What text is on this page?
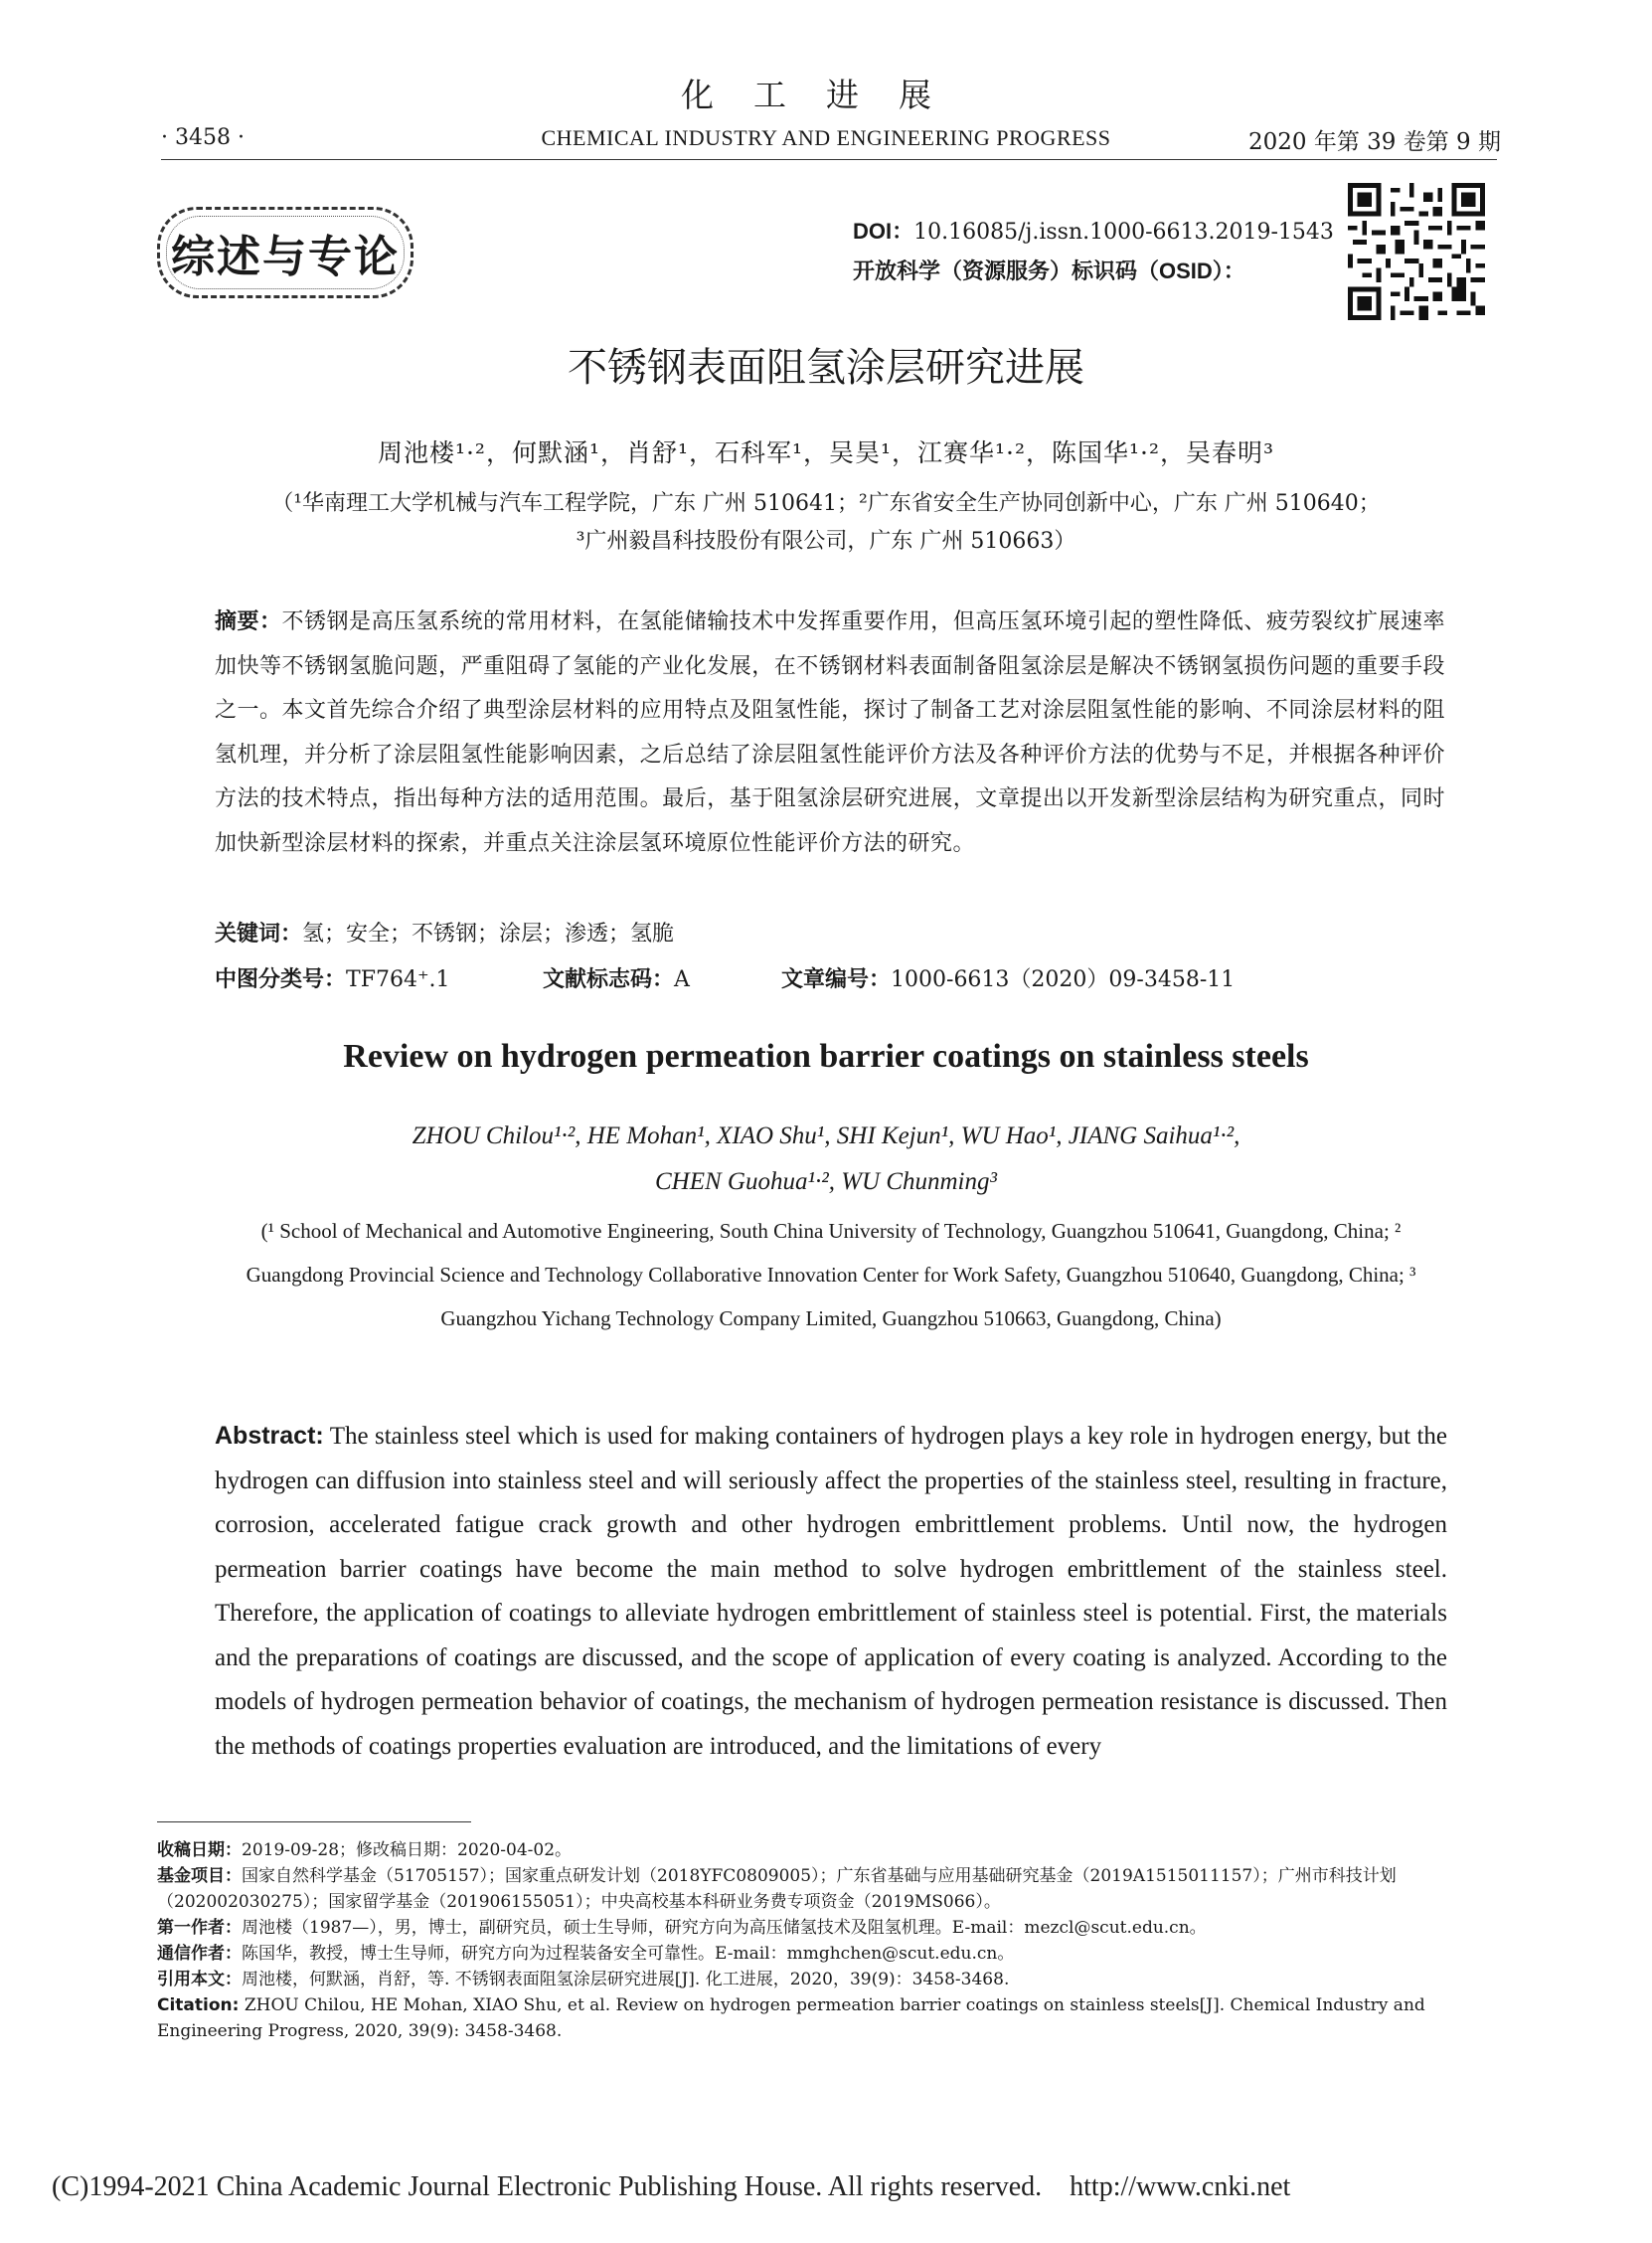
化工进展
· 3458 ·	CHEMICAL INDUSTRY AND ENGINEERING PROGRESS	2020 年第 39 卷第 9 期
综述与专论
DOI：10.16085/j.issn.1000-6613.2019-1543
开放科学（资源服务）标识码（OSID）：
不锈钢表面阻氢涂层研究进展
周池楼¹·²，何默涵¹，肖舒¹，石科军¹，吴昊¹，江赛华¹·²，陈国华¹·²，吴春明³
（¹华南理工大学机械与汽车工程学院，广东 广州 510641；²广东省安全生产协同创新中心，广东 广州 510640；
³广州毅昌科技股份有限公司，广东 广州 510663）
摘要：不锈钢是高压氢系统的常用材料，在氢能储输技术中发挥重要作用，但高压氢环境引起的塑性降低、疲劳裂纹扩展速率加快等不锈钢氢脆问题，严重阻碍了氢能的产业化发展，在不锈钢材料表面制备阻氢涂层是解决不锈钢氢损伤问题的重要手段之一。本文首先综合介绍了典型涂层材料的应用特点及阻氢性能，探讨了制备工艺对涂层阻氢性能的影响、不同涂层材料的阻氢机理，并分析了涂层阻氢性能影响因素，之后总结了涂层阻氢性能评价方法及各种评价方法的优势与不足，并根据各种评价方法的技术特点，指出每种方法的适用范围。最后，基于阻氢涂层研究进展，文章提出以开发新型涂层结构为研究重点，同时加快新型涂层材料的探索，并重点关注涂层氢环境原位性能评价方法的研究。
关键词：氢；安全；不锈钢；涂层；渗透；氢脆
中图分类号：TF764⁺.1	文献标志码：A	文章编号：1000-6613（2020）09-3458-11
Review on hydrogen permeation barrier coatings on stainless steels
ZHOU Chilou¹·², HE Mohan¹, XIAO Shu¹, SHI Kejun¹, WU Hao¹, JIANG Saihua¹·²,
CHEN Guohua¹·², WU Chunming³
(¹ School of Mechanical and Automotive Engineering, South China University of Technology, Guangzhou 510641, Guangdong, China; ² Guangdong Provincial Science and Technology Collaborative Innovation Center for Work Safety, Guangzhou 510640, Guangdong, China; ³ Guangzhou Yichang Technology Company Limited, Guangzhou 510663, Guangdong, China)
Abstract: The stainless steel which is used for making containers of hydrogen plays a key role in hydrogen energy, but the hydrogen can diffusion into stainless steel and will seriously affect the properties of the stainless steel, resulting in fracture, corrosion, accelerated fatigue crack growth and other hydrogen embrittlement problems. Until now, the hydrogen permeation barrier coatings have become the main method to solve hydrogen embrittlement of the stainless steel. Therefore, the application of coatings to alleviate hydrogen embrittlement of stainless steel is potential. First, the materials and the preparations of coatings are discussed, and the scope of application of every coating is analyzed. According to the models of hydrogen permeation behavior of coatings, the mechanism of hydrogen permeation resistance is discussed. Then the methods of coatings properties evaluation are introduced, and the limitations of every

收稿日期：2019-09-28；修改稿日期：2020-04-02。

基金项目：国家自然科学基金（51705157）；国家重点研发计划（2018YFC0809005）；广东省基础与应用基础研究基金（2019A1515011157）；广州市科技计划（202002030275）；国家留学基金（201906155051）；中央高校基本科研业务费专项资金（2019MS066）。

第一作者：周池楼（1987—），男，博士，副研究员，硕士生导师，研究方向为高压储氢技术及阻氢机理。E-mail：mezcl@scut.edu.cn。

通信作者：陈国华，教授，博士生导师，研究方向为过程装备安全可靠性。E-mail：mmghchen@scut.edu.cn。

引用本文：周池楼，何默涵，肖舒，等. 不锈钢表面阻氢涂层研究进展[J]. 化工进展，2020，39(9)：3458-3468.

Citation: ZHOU Chilou, HE Mohan, XIAO Shu, et al. Review on hydrogen permeation barrier coatings on stainless steels[J]. Chemical Industry and Engineering Progress, 2020, 39(9): 3458-3468.

(C)1994-2021 China Academic Journal Electronic Publishing House. All rights reserved.    http://www.cnki.net
